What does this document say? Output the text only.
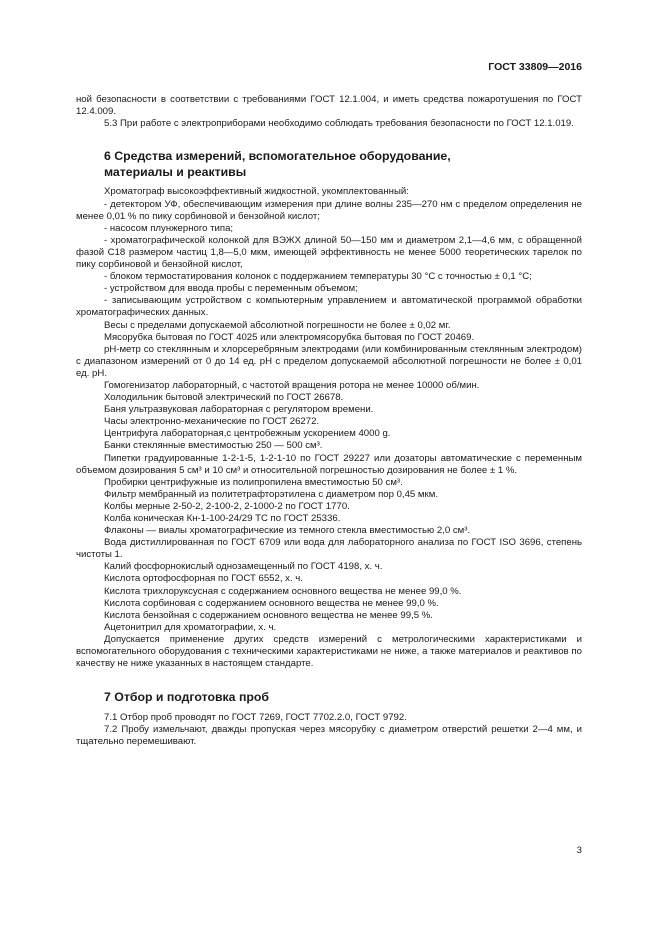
ГОСТ 33809—2016

ной безопасности в соответствии с требованиями ГОСТ 12.1.004, и иметь средства пожаротушения по ГОСТ 12.4.009.

5.3 При работе с электроприборами необходимо соблюдать требования безопасности по ГОСТ 12.1.019.

6 Средства измерений, вспомогательное оборудование,
материалы и реактивы

Хроматограф высокоэффективный жидкостной, укомплектованный:

- детектором УФ, обеспечивающим измерения при длине волны 235—270 нм с пределом определения не менее 0,01 % по пику сорбиновой и бензойной кислот;

- насосом плунжерного типа;

- хроматографической колонкой для ВЭЖХ длиной 50—150 мм и диаметром 2,1—4,6 мм, с обращенной фазой C18 размером частиц 1,8—5,0 мкм, имеющей эффективность не менее 5000 теоретических тарелок по пику сорбиновой и бензойной кислот,

- блоком термостатирования колонок с поддержанием температуры 30 °C с точностью ± 0,1 °C;

- устройством для ввода пробы с переменным объемом;

- записывающим устройством с компьютерным управлением и автоматической программой обработки хроматографических данных.

Весы с пределами допускаемой абсолютной погрешности не более ± 0,02 мг.

Мясорубка бытовая по ГОСТ 4025 или электромясорубка бытовая по ГОСТ 20469.

pH-метр со стеклянным и хлорсеребряным электродами (или комбинированным стеклянным электродом) с диапазоном измерений от 0 до 14 ед. pH с пределом допускаемой абсолютной погрешности не более ± 0,01 ед. pH.

Гомогенизатор лабораторный, с частотой вращения ротора не менее 10000 об/мин.

Холодильник бытовой электрический по ГОСТ 26678.

Баня ультразвуковая лабораторная с регулятором времени.

Часы электронно-механические по ГОСТ 26272.

Центрифуга лабораторная,с центробежным ускорением 4000 g.

Банки стеклянные вместимостью 250 — 500 см³.

Пипетки градуированные 1-2-1-5, 1-2-1-10 по ГОСТ 29227 или дозаторы автоматические с переменным объемом дозирования 5 см³ и 10 см³ и относительной погрешностью дозирования не более ± 1 %.

Пробирки центрифужные из полипропилена вместимостью 50 см³.

Фильтр мембранный из политетрафторэтилена с диаметром пор 0,45 мкм.

Колбы мерные 2-50-2, 2-100-2, 2-1000-2 по ГОСТ 1770.

Колба коническая Кн-1-100-24/29 ТС по ГОСТ 25336.

Флаконы — виалы хроматографические из темного стекла вместимостью 2,0 см³.

Вода дистиллированная по ГОСТ 6709 или вода для лабораторного анализа по ГОСТ ISO 3696, степень чистоты 1.

Калий фосфорнокислый однозамещенный по ГОСТ 4198, х. ч.

Кислота ортофосфорная по ГОСТ 6552, х. ч.

Кислота трихлоруксусная с содержанием основного вещества не менее 99,0 %.

Кислота сорбиновая с содержанием основного вещества не менее 99,0 %.

Кислота бензойная с содержанием основного вещества не менее 99,5 %.

Ацетонитрил для хроматографии, х. ч.

Допускается применение других средств измерений с метрологическими характеристиками и вспомогательного оборудования с техническими характеристиками не ниже, а также материалов и реактивов по качеству не ниже указанных в настоящем стандарте.

7 Отбор и подготовка проб

7.1 Отбор проб проводят по ГОСТ 7269, ГОСТ 7702.2.0, ГОСТ 9792.

7.2 Пробу измельчают, дважды пропуская через мясорубку с диаметром отверстий решетки 2—4 мм, и тщательно перемешивают.

3
